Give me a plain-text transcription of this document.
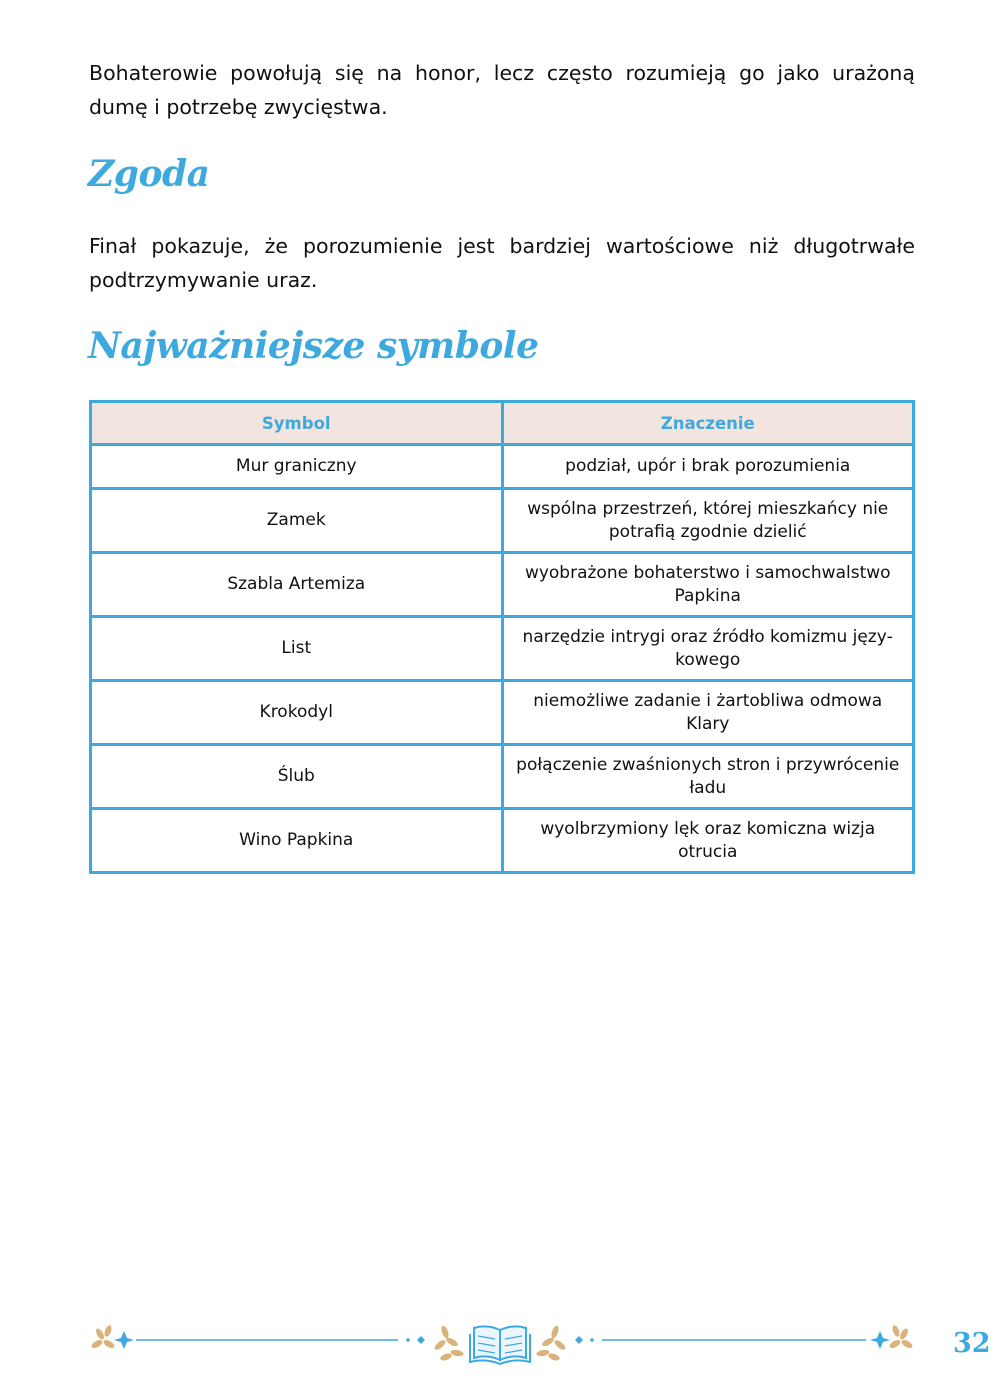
Bohaterowie powołują się na honor, lecz często rozumieją go jako urażoną dumę i potrzebę zwycięstwa.

Zgoda

Finał pokazuje, że porozumienie jest bardziej wartościowe niż długotrwałe podtrzymywanie uraz.

Najważniejsze symbole
Symbol	Znaczenie
Mur graniczny	podział, upór i brak porozumienia
Zamek	wspólna przestrzeń, której mieszkańcy nie potrafią zgodnie dzielić
Szabla Artemiza	wyobrażone bohaterstwo i samochwalstwo Papkina
List	narzędzie intrygi oraz źródło komizmu językowego
Krokodyl	niemożliwe zadanie i żartobliwa odmowa Klary
Ślub	połączenie zwaśnionych stron i przywrócenie ładu
Wino Papkina	wyolbrzymiony lęk oraz komiczna wizja otrucia

32
